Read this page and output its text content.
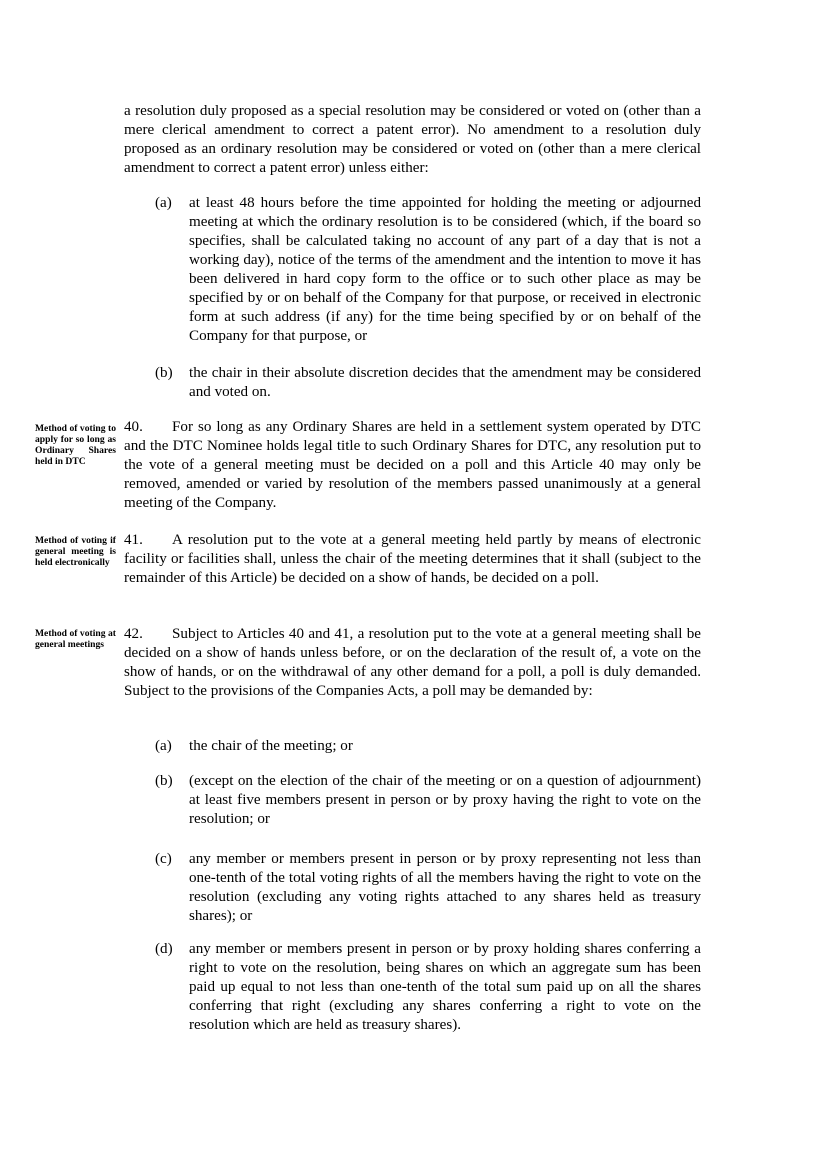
a resolution duly proposed as a special resolution may be considered or voted on (other than a mere clerical amendment to correct a patent error). No amendment to a resolution duly proposed as an ordinary resolution may be considered or voted on (other than a mere clerical amendment to correct a patent error) unless either:

(a)	at least 48 hours before the time appointed for holding the meeting or adjourned meeting at which the ordinary resolution is to be considered (which, if the board so specifies, shall be calculated taking no account of any part of a day that is not a working day), notice of the terms of the amendment and the intention to move it has been delivered in hard copy form to the office or to such other place as may be specified by or on behalf of the Company for that purpose, or received in electronic form at such address (if any) for the time being specified by or on behalf of the Company for that purpose, or
(b)	the chair in their absolute discretion decides that the amendment may be considered and voted on.
Method of voting to apply for so long as Ordinary Shares held in DTC

40. For so long as any Ordinary Shares are held in a settlement system operated by DTC and the DTC Nominee holds legal title to such Ordinary Shares for DTC, any resolution put to the vote of a general meeting must be decided on a poll and this Article 40 may only be removed, amended or varied by resolution of the members passed unanimously at a general meeting of the Company.

Method of voting if general meeting is held electronically

41. A resolution put to the vote at a general meeting held partly by means of electronic facility or facilities shall, unless the chair of the meeting determines that it shall (subject to the remainder of this Article) be decided on a show of hands, be decided on a poll.

Method of voting at general meetings

42. Subject to Articles 40 and 41, a resolution put to the vote at a general meeting shall be decided on a show of hands unless before, or on the declaration of the result of, a vote on the show of hands, or on the withdrawal of any other demand for a poll, a poll is duly demanded. Subject to the provisions of the Companies Acts, a poll may be demanded by:

(a)	the chair of the meeting; or
(b)	(except on the election of the chair of the meeting or on a question of adjournment) at least five members present in person or by proxy having the right to vote on the resolution; or
(c)	any member or members present in person or by proxy representing not less than one-tenth of the total voting rights of all the members having the right to vote on the resolution (excluding any voting rights attached to any shares held as treasury shares); or
(d)	any member or members present in person or by proxy holding shares conferring a right to vote on the resolution, being shares on which an aggregate sum has been paid up equal to not less than one-tenth of the total sum paid up on all the shares conferring that right (excluding any shares conferring a right to vote on the resolution which are held as treasury shares).
